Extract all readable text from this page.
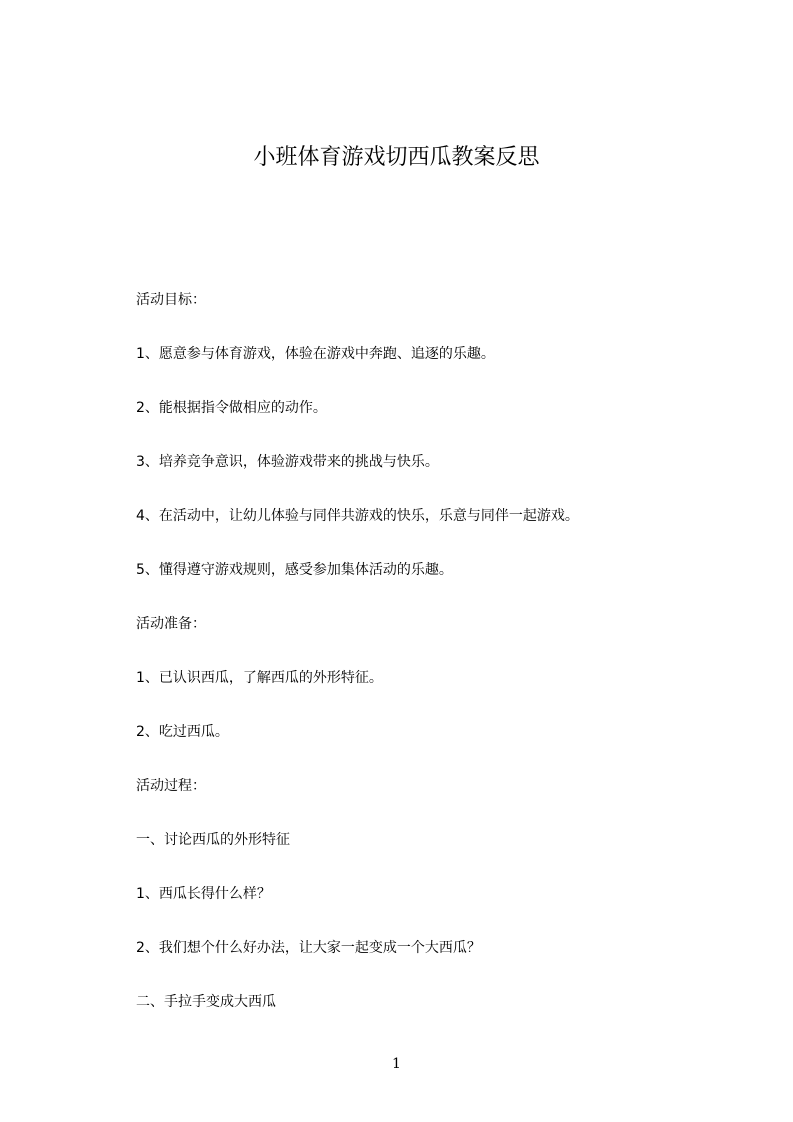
小班体育游戏切西瓜教案反思

活动目标：

1、愿意参与体育游戏，体验在游戏中奔跑、追逐的乐趣。

2、能根据指令做相应的动作。

3、培养竞争意识，体验游戏带来的挑战与快乐。

4、在活动中，让幼儿体验与同伴共游戏的快乐，乐意与同伴一起游戏。

5、懂得遵守游戏规则，感受参加集体活动的乐趣。

活动准备：

1、已认识西瓜，了解西瓜的外形特征。

2、吃过西瓜。

活动过程：

一、讨论西瓜的外形特征

1、西瓜长得什么样？

2、我们想个什么好办法，让大家一起变成一个大西瓜？

二、手拉手变成大西瓜

1
